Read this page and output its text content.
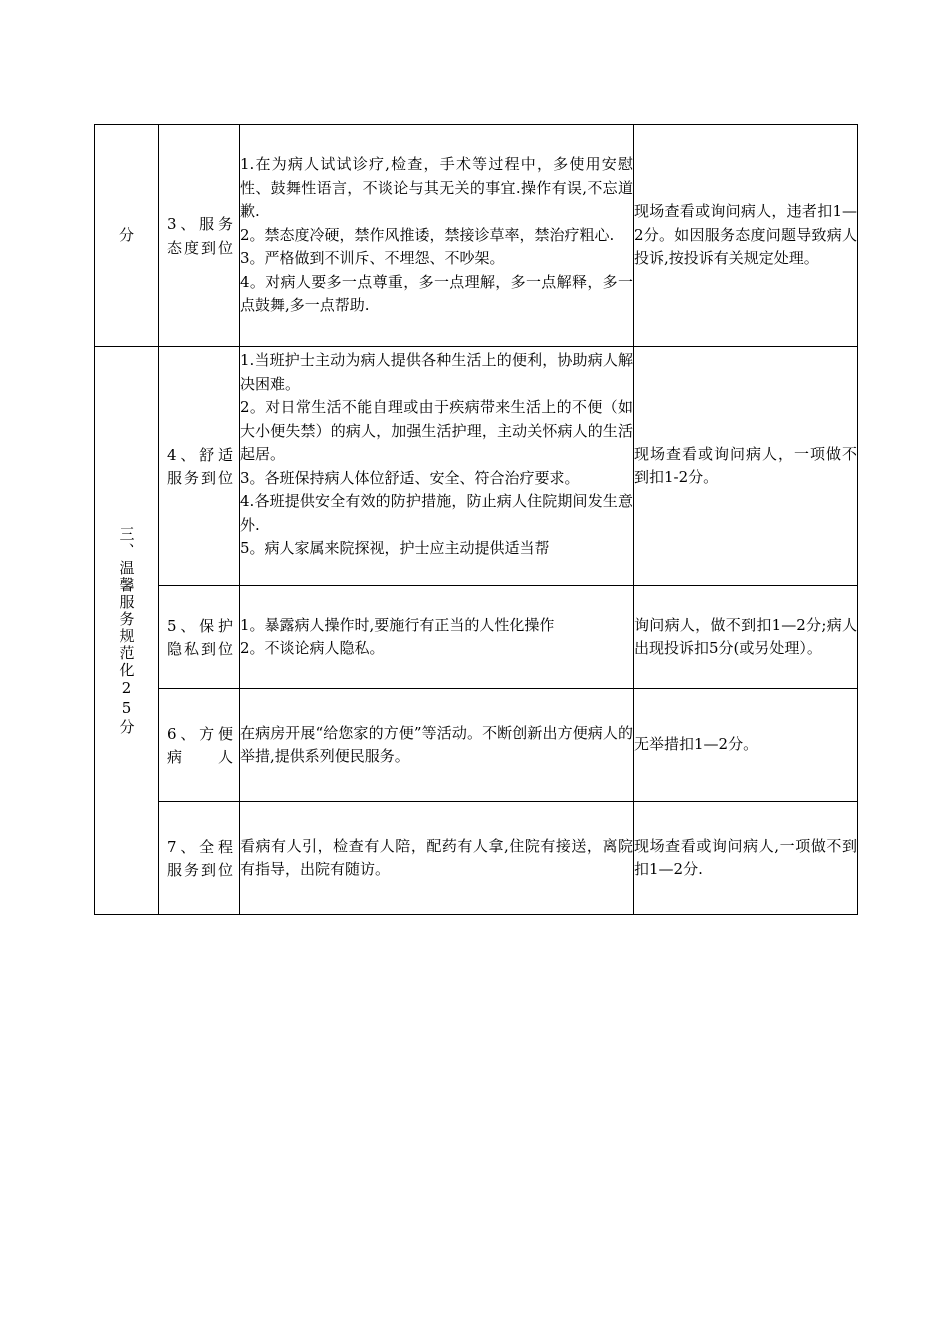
分	3、服务态度到位	1.在为病人试试诊疗,检查，手术等过程中，多使用安慰性、鼓舞性语言，不谈论与其无关的事宜.操作有误,不忘道歉.

2。禁态度冷硬，禁作风推诿，禁接诊草率，禁治疗粗心.

3。严格做到不训斥、不埋怨、不吵架。

4。对病人要多一点尊重，多一点理解，多一点解释，多一点鼓舞,多一点帮助.	现场查看或询问病人，违者扣1—2分。如因服务态度问题导致病人投诉,按投诉有关规定处理。

三、温馨服务规范化25分	4、舒适服务到位	1.当班护士主动为病人提供各种生活上的便利，协助病人解决困难。

2。对日常生活不能自理或由于疾病带来生活上的不便（如大小便失禁）的病人，加强生活护理，主动关怀病人的生活起居。

3。各班保持病人体位舒适、安全、符合治疗要求。

4.各班提供安全有效的防护措施，防止病人住院期间发生意外.

5。病人家属来院探视，护士应主动提供适当帮	现场查看或询问病人，一项做不到扣1-2分。

	5、保护隐私到位	1。暴露病人操作时,要施行有正当的人性化操作

2。不谈论病人隐私。	询问病人，做不到扣1—2分;病人出现投诉扣5分(或另处理）。

	6、方便病人	在病房开展“给您家的方便”等活动。不断创新出方便病人的举措,提供系列便民服务。	无举措扣1—2分。

	7、全程服务到位	看病有人引，检查有人陪，配药有人拿,住院有接送，离院有指导，出院有随访。	现场查看或询问病人,一项做不到扣1—2分.
